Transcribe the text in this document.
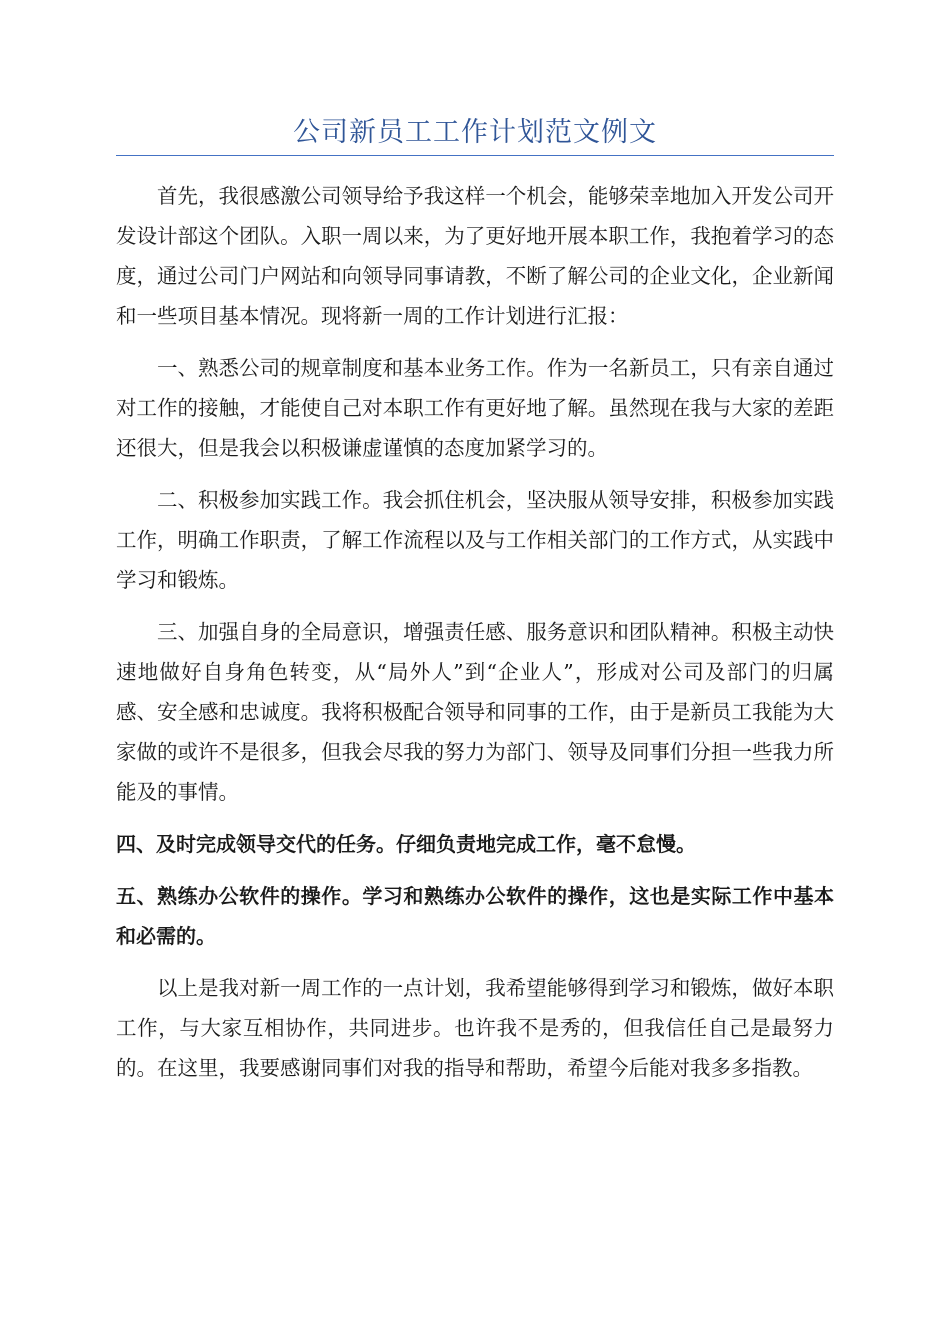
公司新员工工作计划范文例文

首先，我很感激公司领导给予我这样一个机会，能够荣幸地加入开发公司开发设计部这个团队。入职一周以来，为了更好地开展本职工作，我抱着学习的态度，通过公司门户网站和向领导同事请教，不断了解公司的企业文化，企业新闻和一些项目基本情况。现将新一周的工作计划进行汇报：

一、熟悉公司的规章制度和基本业务工作。作为一名新员工，只有亲自通过对工作的接触，才能使自己对本职工作有更好地了解。虽然现在我与大家的差距还很大，但是我会以积极谦虚谨慎的态度加紧学习的。

二、积极参加实践工作。我会抓住机会，坚决服从领导安排，积极参加实践工作，明确工作职责，了解工作流程以及与工作相关部门的工作方式，从实践中学习和锻炼。

三、加强自身的全局意识，增强责任感、服务意识和团队精神。积极主动快速地做好自身角色转变，从“局外人”到“企业人”，形成对公司及部门的归属感、安全感和忠诚度。我将积极配合领导和同事的工作，由于是新员工我能为大家做的或许不是很多，但我会尽我的努力为部门、领导及同事们分担一些我力所能及的事情。

四、及时完成领导交代的任务。仔细负责地完成工作，毫不怠慢。

五、熟练办公软件的操作。学习和熟练办公软件的操作，这也是实际工作中基本和必需的。

以上是我对新一周工作的一点计划，我希望能够得到学习和锻炼，做好本职工作，与大家互相协作，共同进步。也许我不是秀的，但我信任自己是最努力的。在这里，我要感谢同事们对我的指导和帮助，希望今后能对我多多指教。
